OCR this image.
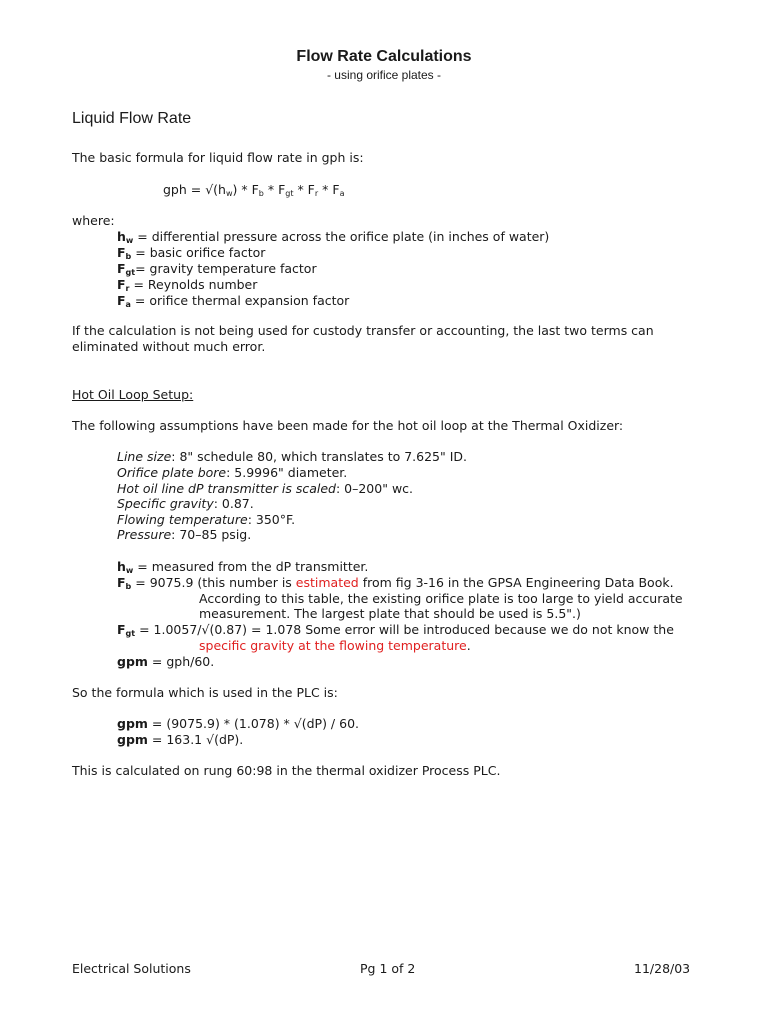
Flow Rate Calculations
- using orifice plates -
Liquid Flow Rate
The basic formula for liquid flow rate in gph is:
gph = $√(h_w) * F_b * F_{gt} * F_r * F_a$
where:
$h_w$ = differential pressure across the orifice plate (in inches of water)
$F_b$ = basic orifice factor
$F_{gt}=$ gravity temperature factor
$F_r$ = Reynolds number
$F_a$ = orifice thermal expansion factor
If the calculation is not being used for custody transfer or accounting, the last two terms can
eliminated without much error.
Hot Oil Loop Setup:
The following assumptions have been made for the hot oil loop at the Thermal Oxidizer:
Line size: 8" schedule 80, which translates to 7.625" ID.
Orifice plate bore: 5.9996" diameter.
Hot oil line dP transmitter is scaled: 0–200" wc.
Specific gravity: 0.87.
Flowing temperature: 350°F.
Pressure: 70–85 psig.
$h_w$ = measured from the dP transmitter.
$F_b = 9075.9$ (this number is estimated from fig 3-16 in the GPSA Engineering Data Book.
According to this table, the existing orifice plate is too large to yield accurate
measurement. The largest plate that should be used is 5.5".)
$F_{gt} = 1.0057/√(0.87) = 1.078$ Some error will be introduced because we do not know the
specific gravity at the flowing temperature.
gpm = gph/60.
So the formula which is used in the PLC is:
gpm = (9075.9) * (1.078) * √(dP) / 60.
gpm = 163.1 √(dP).
This is calculated on rung 60:98 in the thermal oxidizer Process PLC.
Electrical Solutions	Pg 1 of 2	11/28/03
